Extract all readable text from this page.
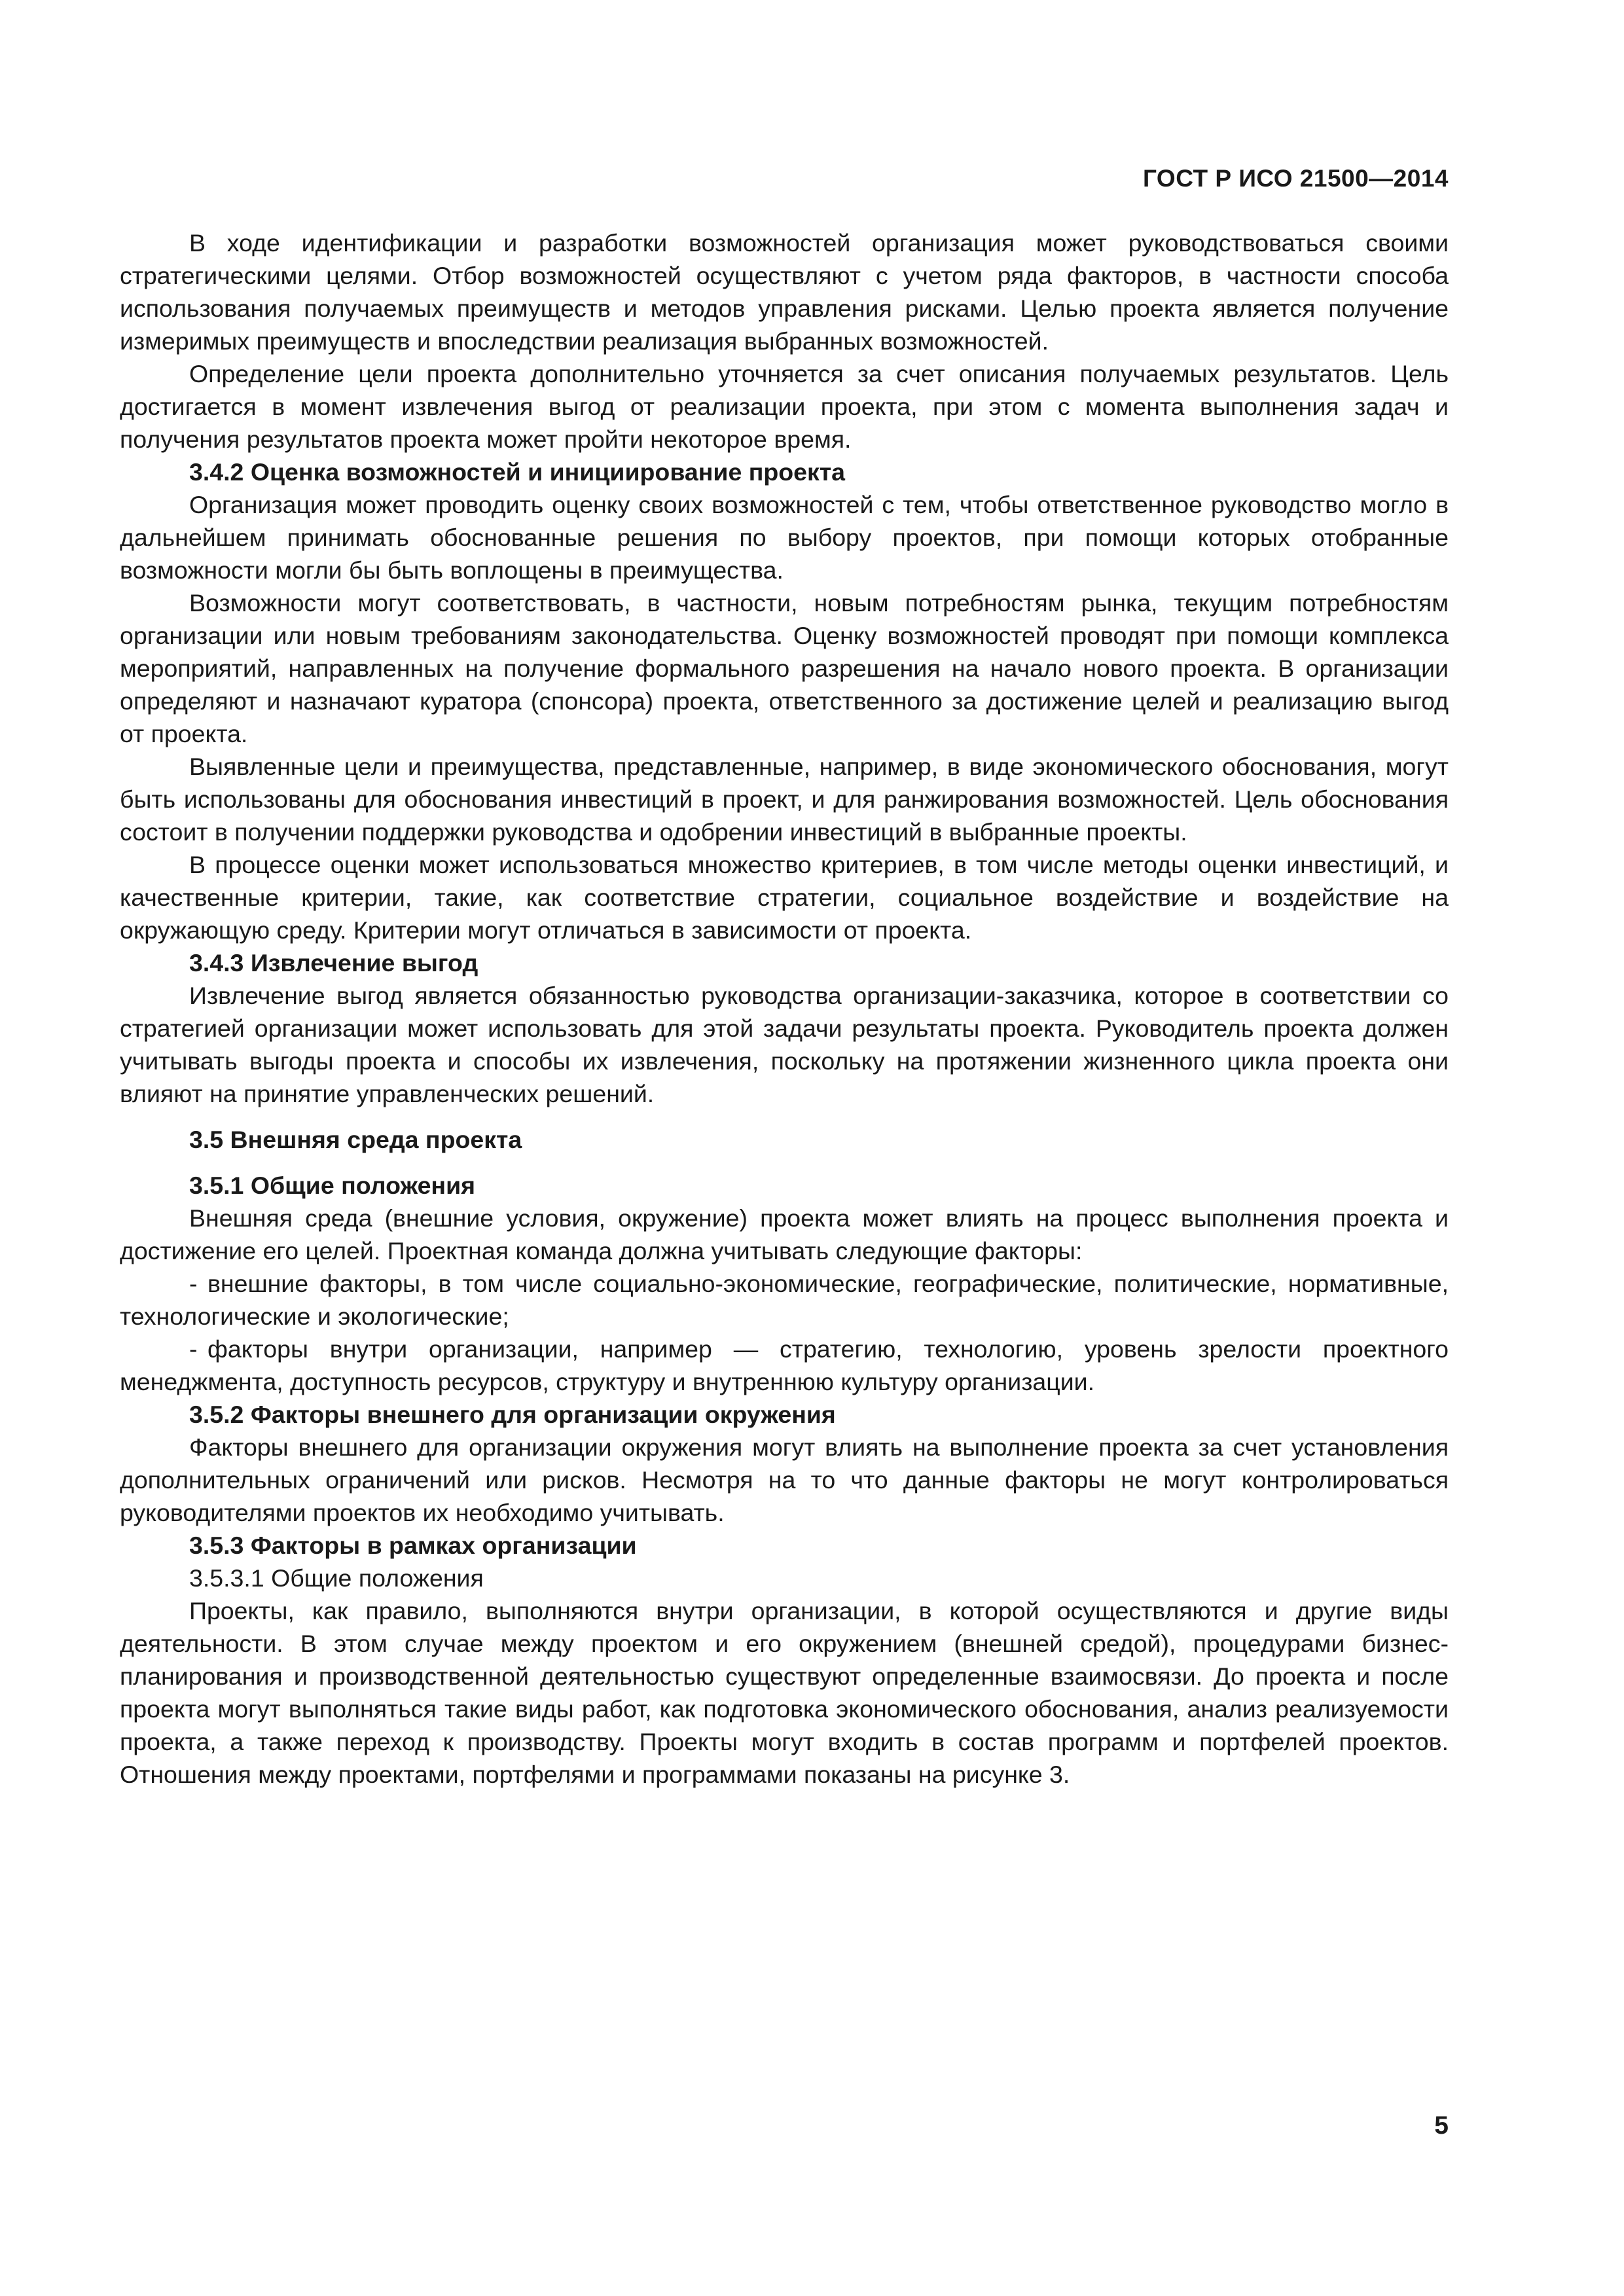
ГОСТ Р ИСО 21500—2014

В ходе идентификации и разработки возможностей организация может руководствоваться своими стратегическими целями. Отбор возможностей осуществляют с учетом ряда факторов, в частности способа использования получаемых преимуществ и методов управления рисками. Целью проекта является получение измеримых преимуществ и впоследствии реализация выбранных возможностей.

Определение цели проекта дополнительно уточняется за счет описания получаемых результатов. Цель достигается в момент извлечения выгод от реализации проекта, при этом с момента выполнения задач и получения результатов проекта может пройти некоторое время.

3.4.2 Оценка возможностей и инициирование проекта

Организация может проводить оценку своих возможностей с тем, чтобы ответственное руководство могло в дальнейшем принимать обоснованные решения по выбору проектов, при помощи которых отобранные возможности могли бы быть воплощены в преимущества.

Возможности могут соответствовать, в частности, новым потребностям рынка, текущим потребностям организации или новым требованиям законодательства. Оценку возможностей проводят при помощи комплекса мероприятий, направленных на получение формального разрешения на начало нового проекта. В организации определяют и назначают куратора (спонсора) проекта, ответственного за достижение целей и реализацию выгод от проекта.

Выявленные цели и преимущества, представленные, например, в виде экономического обоснования, могут быть использованы для обоснования инвестиций в проект, и для ранжирования возможностей. Цель обоснования состоит в получении поддержки руководства и одобрении инвестиций в выбранные проекты.

В процессе оценки может использоваться множество критериев, в том числе методы оценки инвестиций, и качественные критерии, такие, как соответствие стратегии, социальное воздействие и воздействие на окружающую среду. Критерии могут отличаться в зависимости от проекта.

3.4.3 Извлечение выгод

Извлечение выгод является обязанностью руководства организации-заказчика, которое в соответствии со стратегией организации может использовать для этой задачи результаты проекта. Руководитель проекта должен учитывать выгоды проекта и способы их извлечения, поскольку на протяжении жизненного цикла проекта они влияют на принятие управленческих решений.

3.5 Внешняя среда проекта
3.5.1 Общие положения

Внешняя среда (внешние условия, окружение) проекта может влиять на процесс выполнения проекта и достижение его целей. Проектная команда должна учитывать следующие факторы:

- внешние факторы, в том числе социально-экономические, географические, политические, нормативные, технологические и экологические;

- факторы внутри организации, например — стратегию, технологию, уровень зрелости проектного менеджмента, доступность ресурсов, структуру и внутреннюю культуру организации.

3.5.2 Факторы внешнего для организации окружения

Факторы внешнего для организации окружения могут влиять на выполнение проекта за счет установления дополнительных ограничений или рисков. Несмотря на то что данные факторы не могут контролироваться руководителями проектов их необходимо учитывать.

3.5.3 Факторы в рамках организации

3.5.3.1 Общие положения

Проекты, как правило, выполняются внутри организации, в которой осуществляются и другие виды деятельности. В этом случае между проектом и его окружением (внешней средой), процедурами бизнес-планирования и производственной деятельностью существуют определенные взаимосвязи. До проекта и после проекта могут выполняться такие виды работ, как подготовка экономического обоснования, анализ реализуемости проекта, а также переход к производству. Проекты могут входить в состав программ и портфелей проектов. Отношения между проектами, портфелями и программами показаны на рисунке 3.

5
